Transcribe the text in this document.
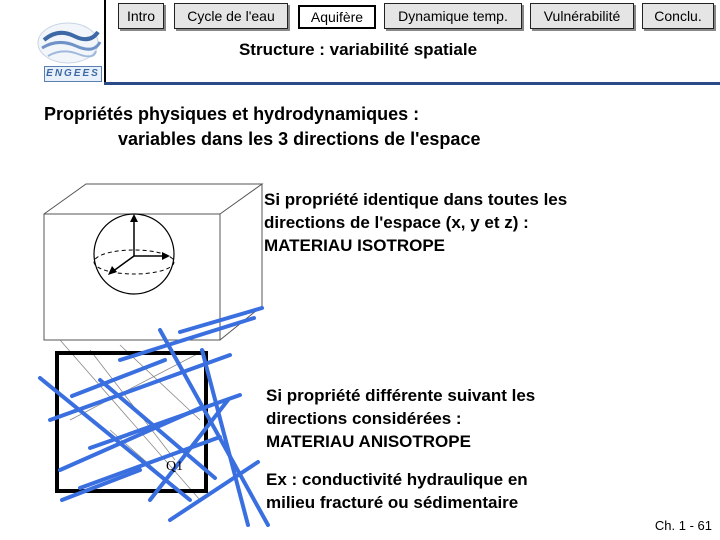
ENGEES
Intro	Cycle de l'eau	Aquifère	Dynamique temp.	Vulnérabilité	Conclu.
Structure : variabilité spatiale
Propriétés physiques et hydrodynamiques :
variables dans les 3 directions de l'espace
Q1
Si propriété identique dans toutes les
directions de l'espace (x, y et z) :
MATERIAU ISOTROPE
Si propriété différente suivant les
directions considérées :
MATERIAU ANISOTROPE
Ex : conductivité hydraulique en
milieu fracturé ou sédimentaire
Ch. 1 - 61
